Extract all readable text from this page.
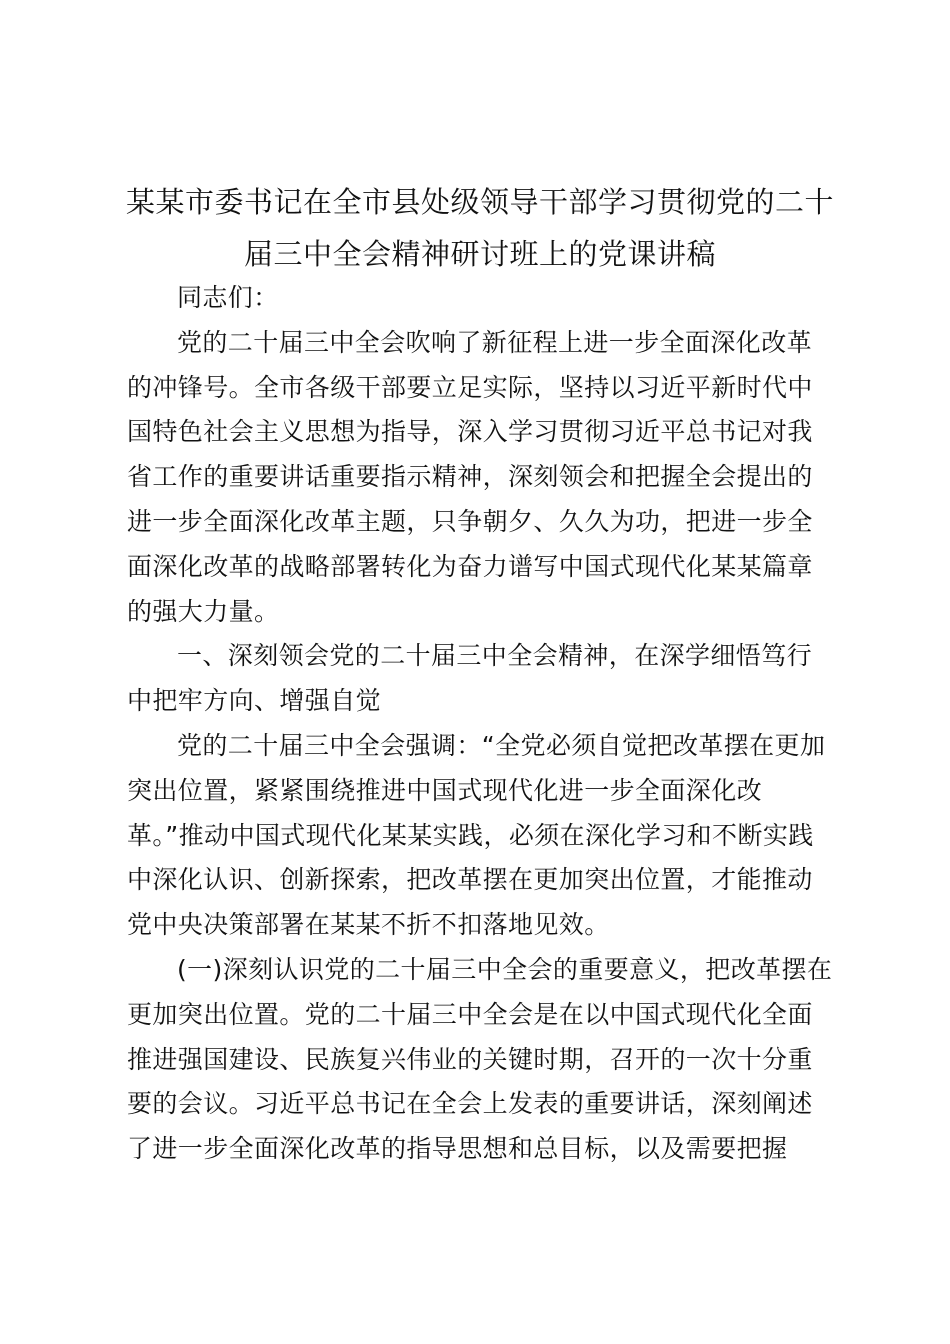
某某市委书记在全市县处级领导干部学习贯彻党的二十
届三中全会精神研讨班上的党课讲稿
同志们：
党的二十届三中全会吹响了新征程上进一步全面深化改革
的冲锋号。全市各级干部要立足实际，坚持以习近平新时代中
国特色社会主义思想为指导，深入学习贯彻习近平总书记对我
省工作的重要讲话重要指示精神，深刻领会和把握全会提出的
进一步全面深化改革主题，只争朝夕、久久为功，把进一步全
面深化改革的战略部署转化为奋力谱写中国式现代化某某篇章
的强大力量。
一、深刻领会党的二十届三中全会精神，在深学细悟笃行
中把牢方向、增强自觉
党的二十届三中全会强调：“全党必须自觉把改革摆在更加
突出位置，紧紧围绕推进中国式现代化进一步全面深化改
革。”推动中国式现代化某某实践，必须在深化学习和不断实践
中深化认识、创新探索，把改革摆在更加突出位置，才能推动
党中央决策部署在某某不折不扣落地见效。
(一)深刻认识党的二十届三中全会的重要意义，把改革摆在
更加突出位置。党的二十届三中全会是在以中国式现代化全面
推进强国建设、民族复兴伟业的关键时期，召开的一次十分重
要的会议。习近平总书记在全会上发表的重要讲话，深刻阐述
了进一步全面深化改革的指导思想和总目标，以及需要把握
